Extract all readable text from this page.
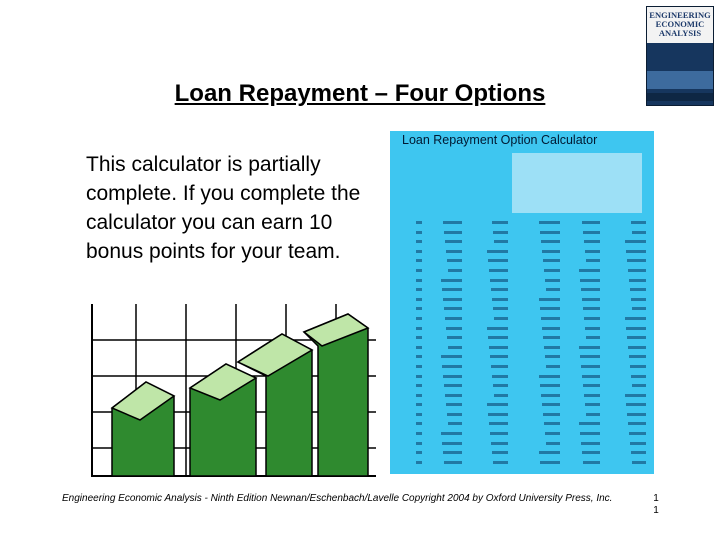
Loan Repayment – Four Options
ENGINEERING
ECONOMIC
ANALYSIS
This calculator is partially complete. If you complete the calculator you can earn 10 bonus points for your team.
Loan Repayment Option Calculator
Engineering Economic Analysis - Ninth Edition Newnan/Eschenbach/Lavelle Copyright 2004 by Oxford University Press, Inc.	1
1
